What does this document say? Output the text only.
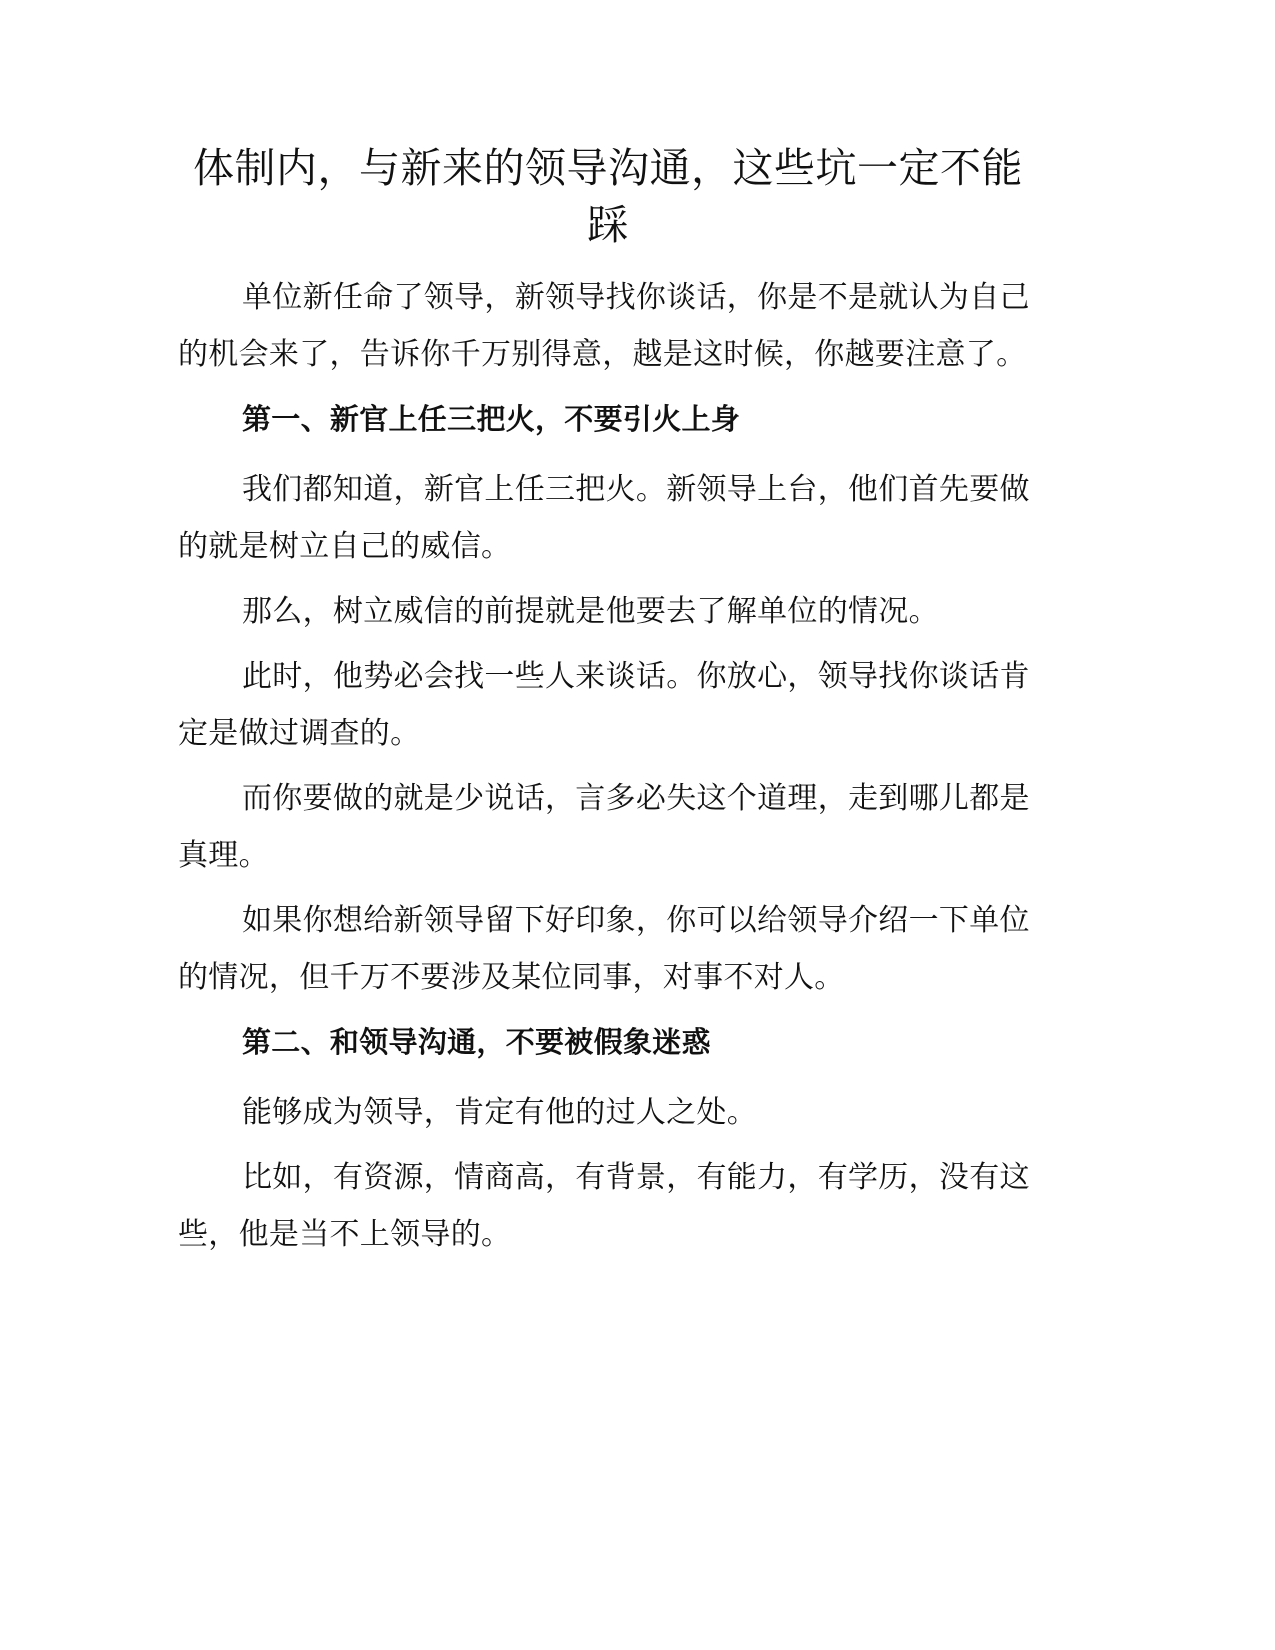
体制内，与新来的领导沟通，这些坑一定不能踩

单位新任命了领导，新领导找你谈话，你是不是就认为自己的机会来了，告诉你千万别得意，越是这时候，你越要注意了。

第一、新官上任三把火，不要引火上身

我们都知道，新官上任三把火。新领导上台，他们首先要做的就是树立自己的威信。

那么，树立威信的前提就是他要去了解单位的情况。

此时，他势必会找一些人来谈话。你放心，领导找你谈话肯定是做过调查的。

而你要做的就是少说话，言多必失这个道理，走到哪儿都是真理。

如果你想给新领导留下好印象，你可以给领导介绍一下单位的情况，但千万不要涉及某位同事，对事不对人。

第二、和领导沟通，不要被假象迷惑

能够成为领导，肯定有他的过人之处。

比如，有资源，情商高，有背景，有能力，有学历，没有这些，他是当不上领导的。
